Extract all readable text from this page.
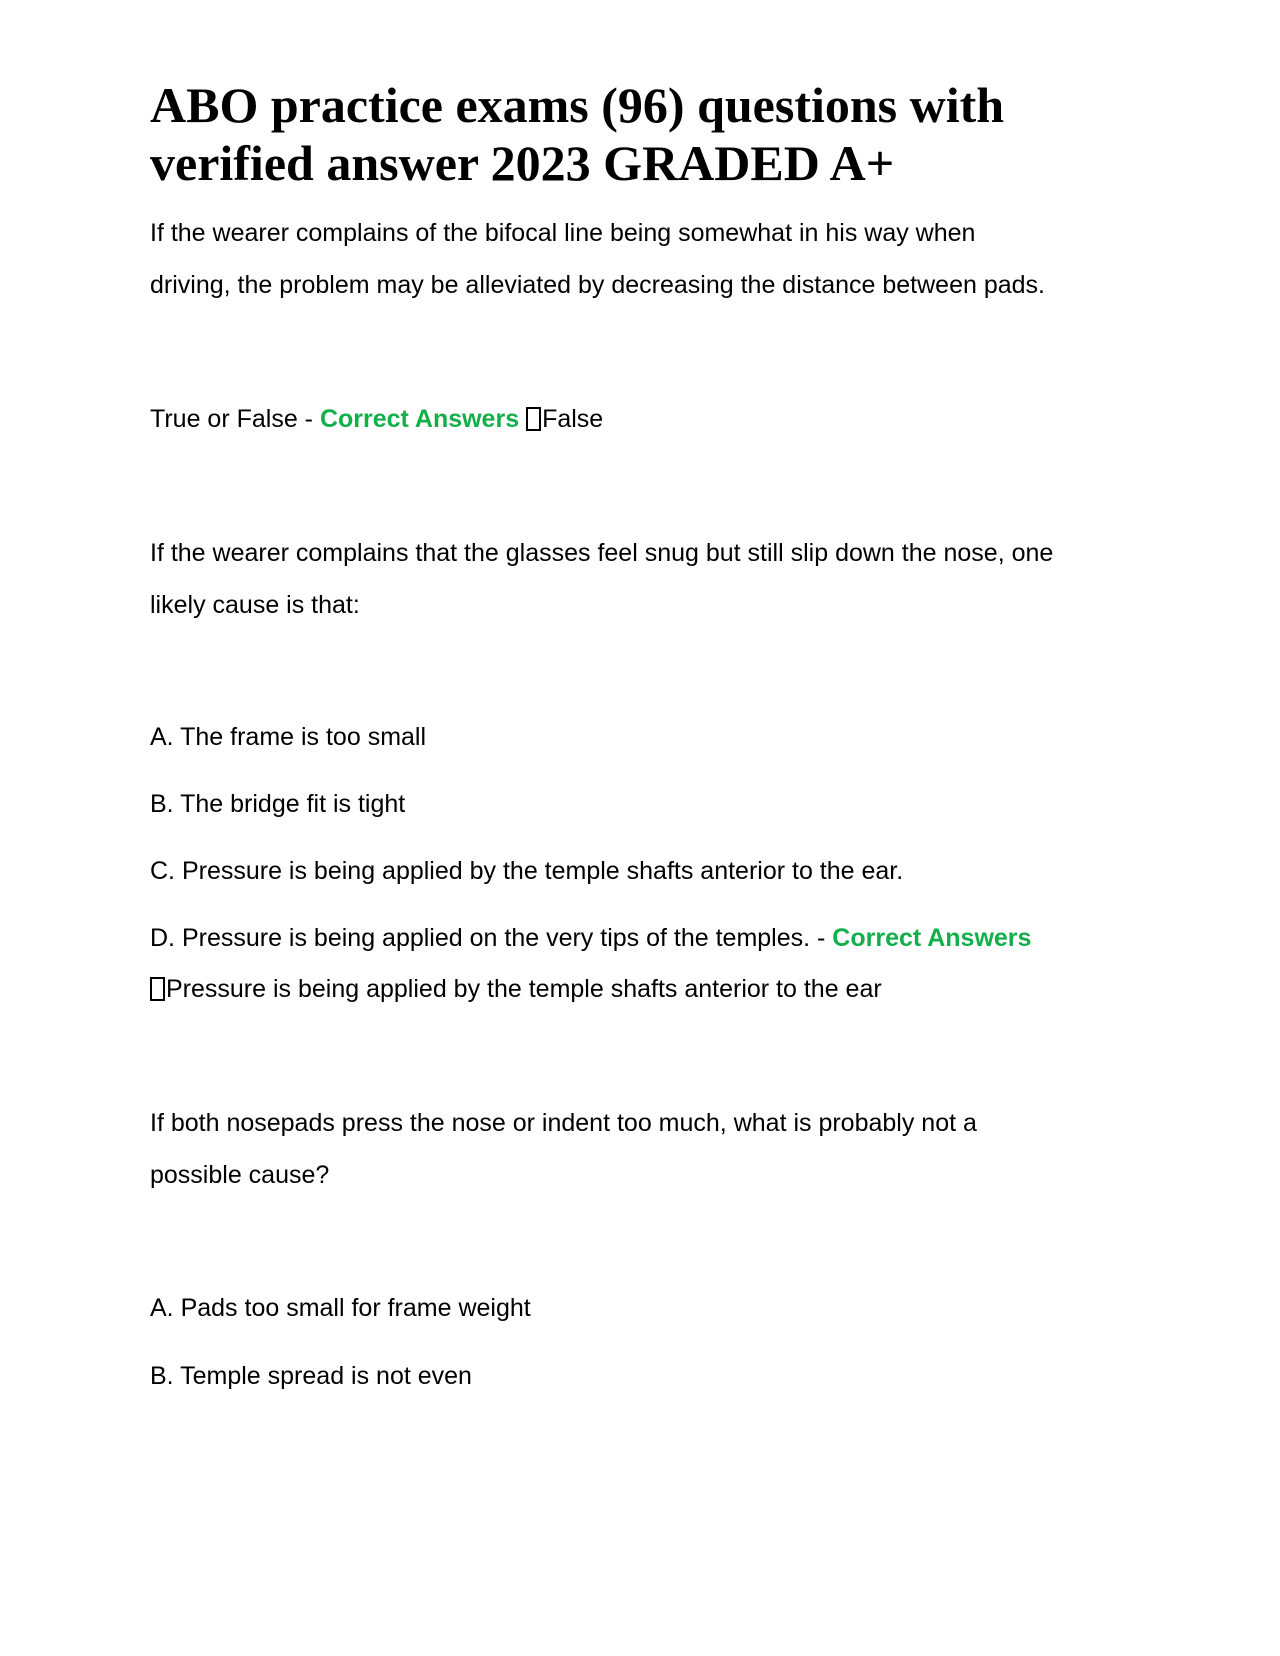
ABO practice exams (96) questions with verified answer 2023 GRADED A+

If the wearer complains of the bifocal line being somewhat in his way when

driving, the problem may be alleviated by decreasing the distance between pads.

True or False - Correct Answers False

If the wearer complains that the glasses feel snug but still slip down the nose, one

likely cause is that:

A. The frame is too small

B. The bridge fit is tight

C. Pressure is being applied by the temple shafts anterior to the ear.

D. Pressure is being applied on the very tips of the temples. - Correct Answers

Pressure is being applied by the temple shafts anterior to the ear

If both nosepads press the nose or indent too much, what is probably not a

possible cause?

A. Pads too small for frame weight

B. Temple spread is not even
